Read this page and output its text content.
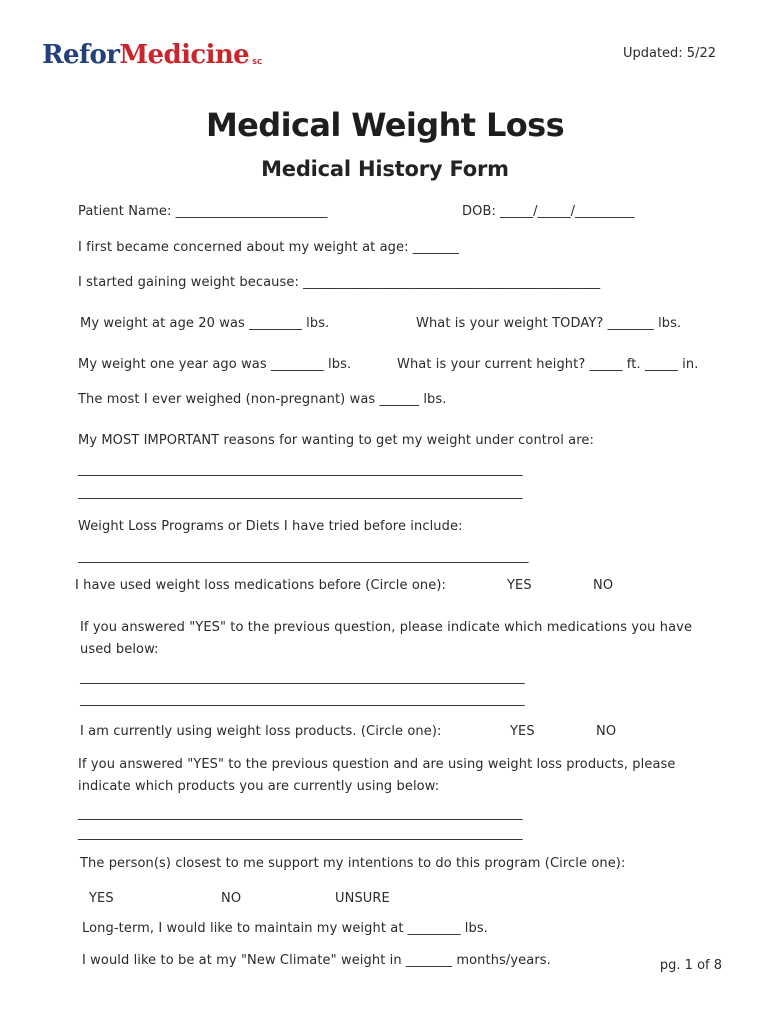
Refor Medicine SC
Updated: 5/22
Medical Weight Loss
Medical History Form
Patient Name: _______________________	DOB: _____/_____/_________
I first became concerned about my weight at age: _______
I started gaining weight because: _____________________________________________
My weight at age 20 was ________ lbs.	What is your weight TODAY? _______ lbs.
My weight one year ago was ________ lbs.	What is your current height? _____ ft. _____ in.
The most I ever weighed (non-pregnant) was ______ lbs.
My MOST IMPORTANT reasons for wanting to get my weight under control are:
__________________________________________________________________________
__________________________________________________________________________
Weight Loss Programs or Diets I have tried before include:
___________________________________________________________________________
I have used weight loss medications before (Circle one):	YES	NO
If you answered "YES" to the previous question, please indicate which medications you have
used below:
__________________________________________________________________________
__________________________________________________________________________
I am currently using weight loss products. (Circle one):	YES	NO
If you answered "YES" to the previous question and are using weight loss products, please
indicate which products you are currently using below:
__________________________________________________________________________
__________________________________________________________________________
The person(s) closest to me support my intentions to do this program (Circle one):
YES	NO	UNSURE
Long-term, I would like to maintain my weight at ________ lbs.
I would like to be at my "New Climate" weight in _______ months/years.	pg. 1 of 8
